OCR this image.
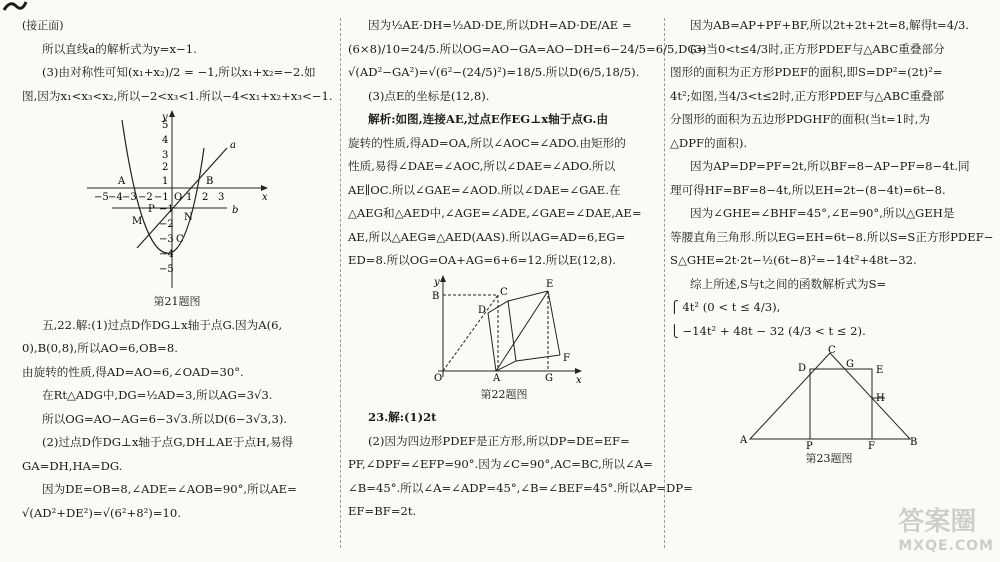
(接正面)

所以直线a的解析式为y=x−1.

(3)由对称性可知(x₁+x₂)/2 = −1,所以x₁+x₂=−2.如

图,因为x₁<x₃<x₂,所以−2<x₃<1.所以−4<x₁+x₂+x₃<−1.

y
x
−5 −4 −3 −2 −1 1 2 3
5
4
3
2
1
−1
−2
−3
−4
−5
a
b
A	B
M
P
N
C
O

第21题图

五,22.解:(1)过点D作DG⊥x轴于点G.因为A(6,

0),B(0,8),所以AO=6,OB=8.

由旋转的性质,得AD=AO=6,∠OAD=30°.

在Rt△ADG中,DG=½AD=3,所以AG=3√3.

所以OG=AO−AG=6−3√3.所以D(6−3√3,3).

(2)过点D作DG⊥x轴于点G,DH⊥AE于点H,易得

GA=DH,HA=DG.

因为DE=OB=8,∠ADE=∠AOB=90°,所以AE=

√(AD²+DE²)=√(6²+8²)=10.

因为½AE·DH=½AD·DE,所以DH=AD·DE/AE =

(6×8)/10=24/5.所以OG=AO−GA=AO−DH=6−24/5=6/5,DG=

√(AD²−GA²)=√(6²−(24/5)²)=18/5.所以D(6/5,18/5).

(3)点E的坐标是(12,8).

解析:如图,连接AE,过点E作EG⊥x轴于点G.由

旋转的性质,得AD=OA,所以∠AOC=∠ADO.由矩形的

性质,易得∠DAE=∠AOC,所以∠DAE=∠ADO.所以

AE∥OC.所以∠GAE=∠AOD.所以∠DAE=∠GAE.在

△AEG和△AED中,∠AGE=∠ADE,∠GAE=∠DAE,AE=

AE,所以△AEG≌△AED(AAS).所以AG=AD=6,EG=

ED=8.所以OG=OA+AG=6+6=12.所以E(12,8).

y
x
B
D
C
E
F
O	A	G

第22题图

23.解:(1)2t

(2)因为四边形PDEF是正方形,所以DP=DE=EF=

PF,∠DPF=∠EFP=90°.因为∠C=90°,AC=BC,所以∠A=

∠B=45°.所以∠A=∠ADP=45°,∠B=∠BEF=45°.所以AP=DP=

EF=BF=2t.

因为AB=AP+PF+BF,所以2t+2t+2t=8,解得t=4/3.

(3)当0<t≤4/3时,正方形PDEF与△ABC重叠部分

图形的面积为正方形PDEF的面积,即S=DP²=(2t)²=

4t²;如图,当4/3<t≤2时,正方形PDEF与△ABC重叠部

分图形的面积为五边形PDGHF的面积(当t=1时,为

△DPF的面积).

因为AP=DP=PF=2t,所以BF=8−AP−PF=8−4t.同

理可得HF=BF=8−4t,所以EH=2t−(8−4t)=6t−8.

因为∠GHE=∠BHF=45°,∠E=90°,所以△GEH是

等腰直角三角形.所以EG=EH=6t−8.所以S=S正方形PDEF−

S△GHE=2t·2t−½(6t−8)²=−14t²+48t−32.

综上所述,S与t之间的函数解析式为S=

⎧ 4t² (0 < t ≤ 4/3),

⎩ −14t² + 48t − 32 (4/3 < t ≤ 2).

C
D	G
E
H
A
P	F	B

第23题图

答案圈
MXQE.COM
